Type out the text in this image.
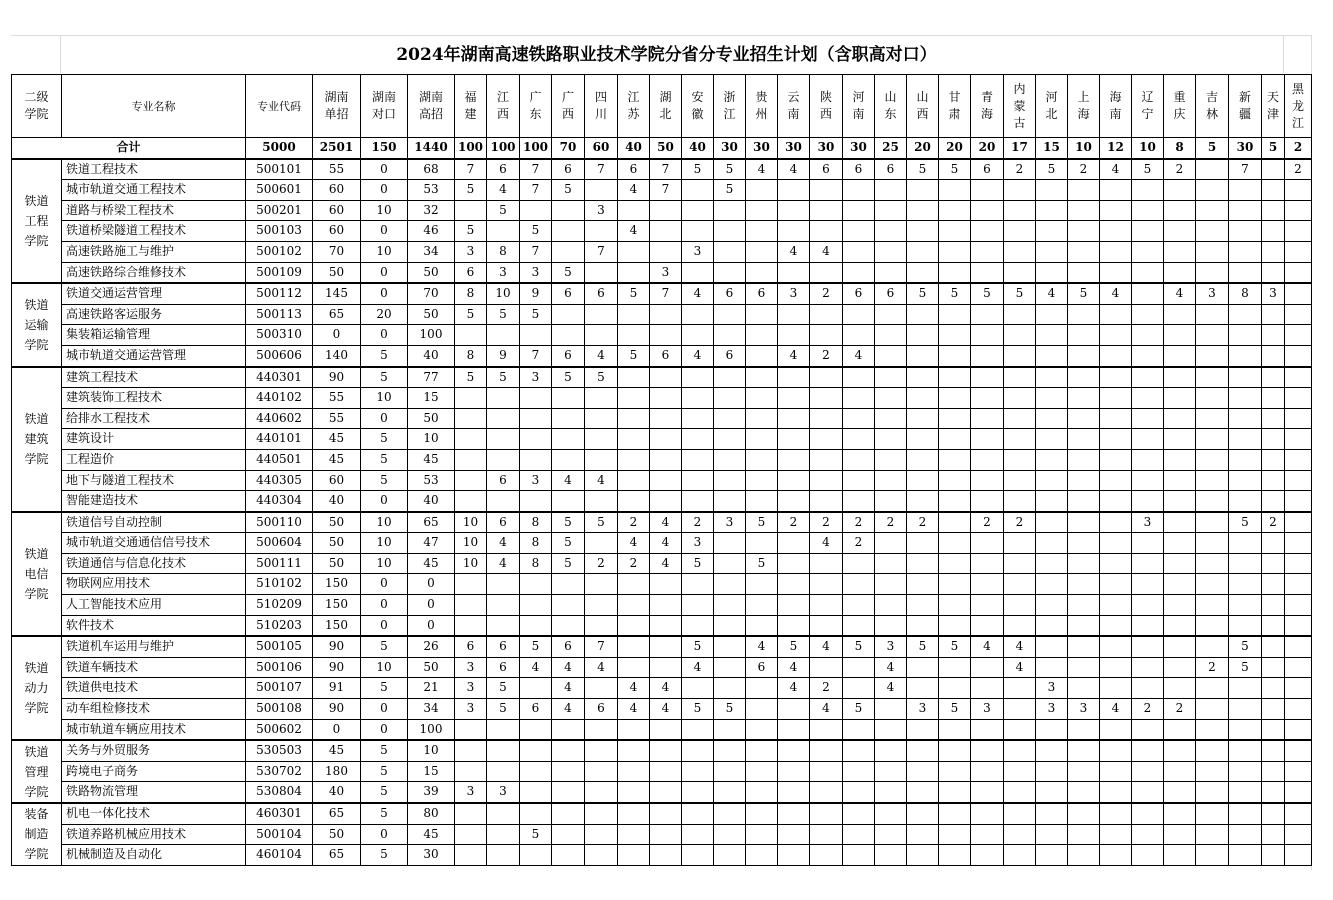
2024年湖南高速铁路职业技术学院分省分专业招生计划（含职高对口）
二级学院	专业名称	专业代码	湖南单招	湖南对口	湖南高招	福建	江西	广东	广西	四川	江苏	湖北	安徽	浙江	贵州	云南	陕西	河南	山东	山西	甘肃	青海	内蒙古	河北	上海	海南	辽宁	重庆	吉林	新疆	天津	黑龙江
合计		5000	2501	150	1440	100	100	100	70	60	40	50	40	30	30	30	30	30	25	20	20	20	17	15	10	12	10	8	5	30	5	2
铁道工程学院	铁道工程技术	500101	55	0	68	7	6	7	6	7	6	7	5	5	4	4	6	6	6	5	5	6	2	5	2	4	5	2		7		2
	城市轨道交通工程技术	500601	60	0	53	5	4	7	5		4	7		5																		
	道路与桥梁工程技术	500201	60	10	32		5			3																						
	铁道桥梁隧道工程技术	500103	60	0	46	5		5			4																					
	高速铁路施工与维护	500102	70	10	34	3	8	7		7			3			4	4															
	高速铁路综合维修技术	500109	50	0	50	6	3	3	5			3																				
铁道运输学院	铁道交通运营管理	500112	145	0	70	8	10	9	6	6	5	7	4	6	6	3	2	6	6	5	5	5	5	4	5	4		4	3	8	3	
	高速铁路客运服务	500113	65	20	50	5	5	5																								
	集装箱运输管理	500310	0	0	100																											
	城市轨道交通运营管理	500606	140	5	40	8	9	7	6	4	5	6	4	6		4	2	4														
铁道建筑学院	建筑工程技术	440301	90	5	77	5	5	3	5	5																						
	建筑装饰工程技术	440102	55	10	15																											
	给排水工程技术	440602	55	0	50																											
	建筑设计	440101	45	5	10																											
	工程造价	440501	45	5	45																											
	地下与隧道工程技术	440305	60	5	53		6	3	4	4																						
	智能建造技术	440304	40	0	40																											
铁道电信学院	铁道信号自动控制	500110	50	10	65	10	6	8	5	5	2	4	2	3	5	2	2	2	2	2		2	2				3			5	2	
	城市轨道交通通信信号技术	500604	50	10	47	10	4	8	5		4	4	3				4	2														
	铁道通信与信息化技术	500111	50	10	45	10	4	8	5	2	2	4	5		5																	
	物联网应用技术	510102	150	0	0																											
	人工智能技术应用	510209	150	0	0																											
	软件技术	510203	150	0	0																											
铁道动力学院	铁道机车运用与维护	500105	90	5	26	6	6	5	6	7			5		4	5	4	5	3	5	5	4	4							5		
	铁道车辆技术	500106	90	10	50	3	6	4	4	4			4		6	4			4				4						2	5		
	铁道供电技术	500107	91	5	21	3	5		4		4	4				4	2		4					3								
	动车组检修技术	500108	90	0	34	3	5	6	4	6	4	4	5	5			4	5		3	5	3		3	3	4	2	2				
	城市轨道车辆应用技术	500602	0	0	100																											
铁道管理学院	关务与外贸服务	530503	45	5	10																											
	跨境电子商务	530702	180	5	15																											
	铁路物流管理	530804	40	5	39	3	3																									
装备制造学院	机电一体化技术	460301	65	5	80																											
	铁道养路机械应用技术	500104	50	0	45			5																								
	机械制造及自动化	460104	65	5	30																											
